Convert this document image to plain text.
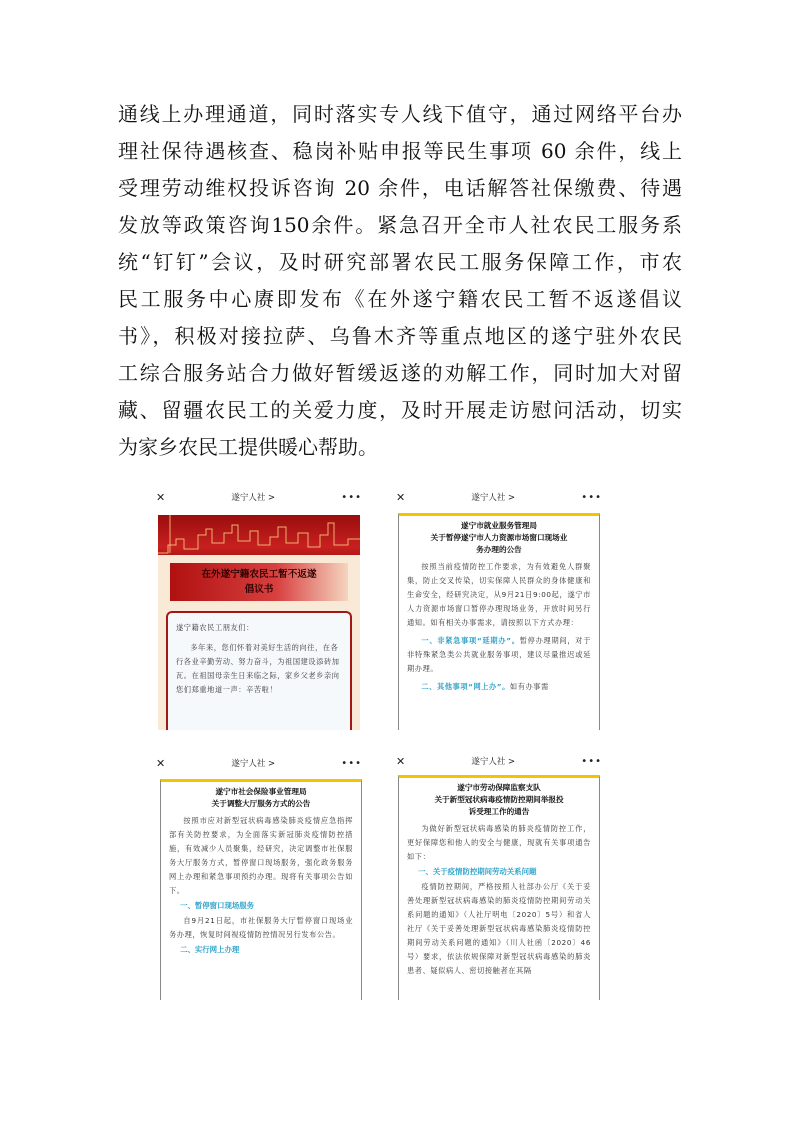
通线上办理通道，同时落实专人线下值守，通过网络平台办
理社保待遇核查、稳岗补贴申报等民生事项 60 余件，线上
受理劳动维权投诉咨询 20 余件，电话解答社保缴费、待遇
发放等政策咨询150余件。紧急召开全市人社农民工服务系
统“钉钉”会议，及时研究部署农民工服务保障工作，市农
民工服务中心赓即发布《在外遂宁籍农民工暂不返遂倡议
书》，积极对接拉萨、乌鲁木齐等重点地区的遂宁驻外农民
工综合服务站合力做好暂缓返遂的劝解工作，同时加大对留
藏、留疆农民工的关爱力度，及时开展走访慰问活动，切实
为家乡农民工提供暖心帮助。
✕	遂宁人社 >	•••
在外遂宁籍农民工暂不返遂
倡议书
遂宁籍农民工朋友们：
多年来，您们怀着对美好生活的向往，在各行各业辛勤劳动、努力奋斗，为祖国建设添砖加瓦。在祖国母亲生日来临之际，家乡父老乡亲向您们郑重地道一声：辛苦啦！
✕	遂宁人社 >	•••
遂宁市就业服务管理局
关于暂停遂宁市人力资源市场窗口现场业
务办理的公告
按照当前疫情防控工作要求，为有效避免人群聚集，防止交叉传染，切实保障人民群众的身体健康和生命安全，经研究决定，从9月21日9:00起，遂宁市人力资源市场窗口暂停办理现场业务，开放时间另行通知。如有相关办事需求，请按照以下方式办理：
一、非紧急事项“延期办”。暂停办理期间，对于非特殊紧急类公共就业服务事项，建议尽量推迟或延期办理。
二、其他事项“网上办”。如有办事需
✕	遂宁人社 >	•••
遂宁市社会保险事业管理局
关于调整大厅服务方式的公告
按照市应对新型冠状病毒感染肺炎疫情应急指挥部有关防控要求，为全面落实新冠肺炎疫情防控措施，有效减少人员聚集，经研究，决定调整市社保服务大厅服务方式，暂停窗口现场服务，强化政务服务网上办理和紧急事项预约办理。现将有关事项公告如下。
一、暂停窗口现场服务
自9月21日起，市社保服务大厅暂停窗口现场业务办理，恢复时间视疫情防控情况另行发布公告。
二、实行网上办理
✕	遂宁人社 >	•••
遂宁市劳动保障监察支队
关于新型冠状病毒疫情防控期间举报投
诉受理工作的通告
为做好新型冠状病毒感染的肺炎疫情防控工作，更好保障您和他人的安全与健康，现就有关事项通告如下：
一、关于疫情防控期间劳动关系问题
疫情防控期间，严格按照人社部办公厅《关于妥善处理新型冠状病毒感染的肺炎疫情防控期间劳动关系问题的通知》（人社厅明电〔2020〕5号）和省人社厅《关于妥善处理新型冠状病毒感染肺炎疫情防控期间劳动关系问题的通知》（川人社函〔2020〕46号）要求，依法依规保障对新型冠状病毒感染的肺炎患者、疑似病人、密切接触者在其隔
